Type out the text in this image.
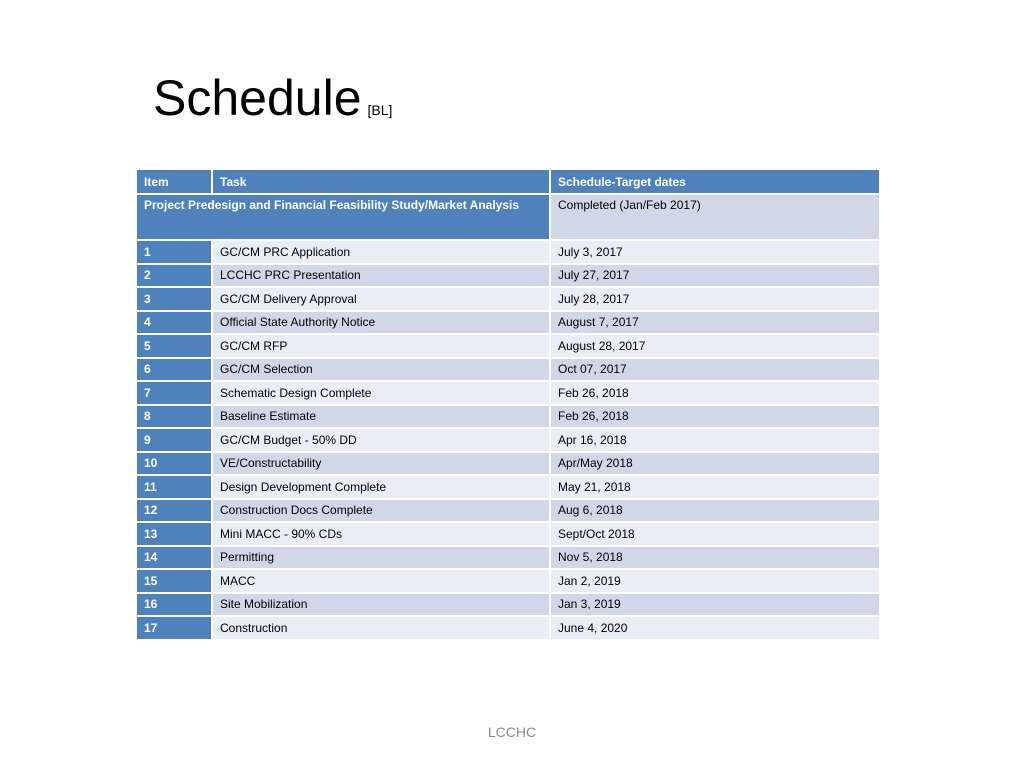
Schedule [BL]
Item	Task	Schedule-Target dates
Project Predesign and Financial Feasibility Study/Market Analysis		Completed (Jan/Feb 2017)
1	GC/CM PRC Application	July 3, 2017
2	LCCHC PRC Presentation	July 27, 2017
3	GC/CM Delivery Approval	July 28, 2017
4	Official State Authority Notice	August 7, 2017
5	GC/CM RFP	August 28, 2017
6	GC/CM Selection	Oct 07, 2017
7	Schematic Design Complete	Feb 26, 2018
8	Baseline Estimate	Feb 26, 2018
9	GC/CM Budget - 50% DD	Apr 16, 2018
10	VE/Constructability	Apr/May 2018
11	Design Development Complete	May 21, 2018
12	Construction Docs Complete	Aug 6, 2018
13	Mini MACC - 90% CDs	Sept/Oct 2018
14	Permitting	Nov 5, 2018
15	MACC	Jan 2, 2019
16	Site Mobilization	Jan 3, 2019
17	Construction	June 4, 2020
LCCHC
